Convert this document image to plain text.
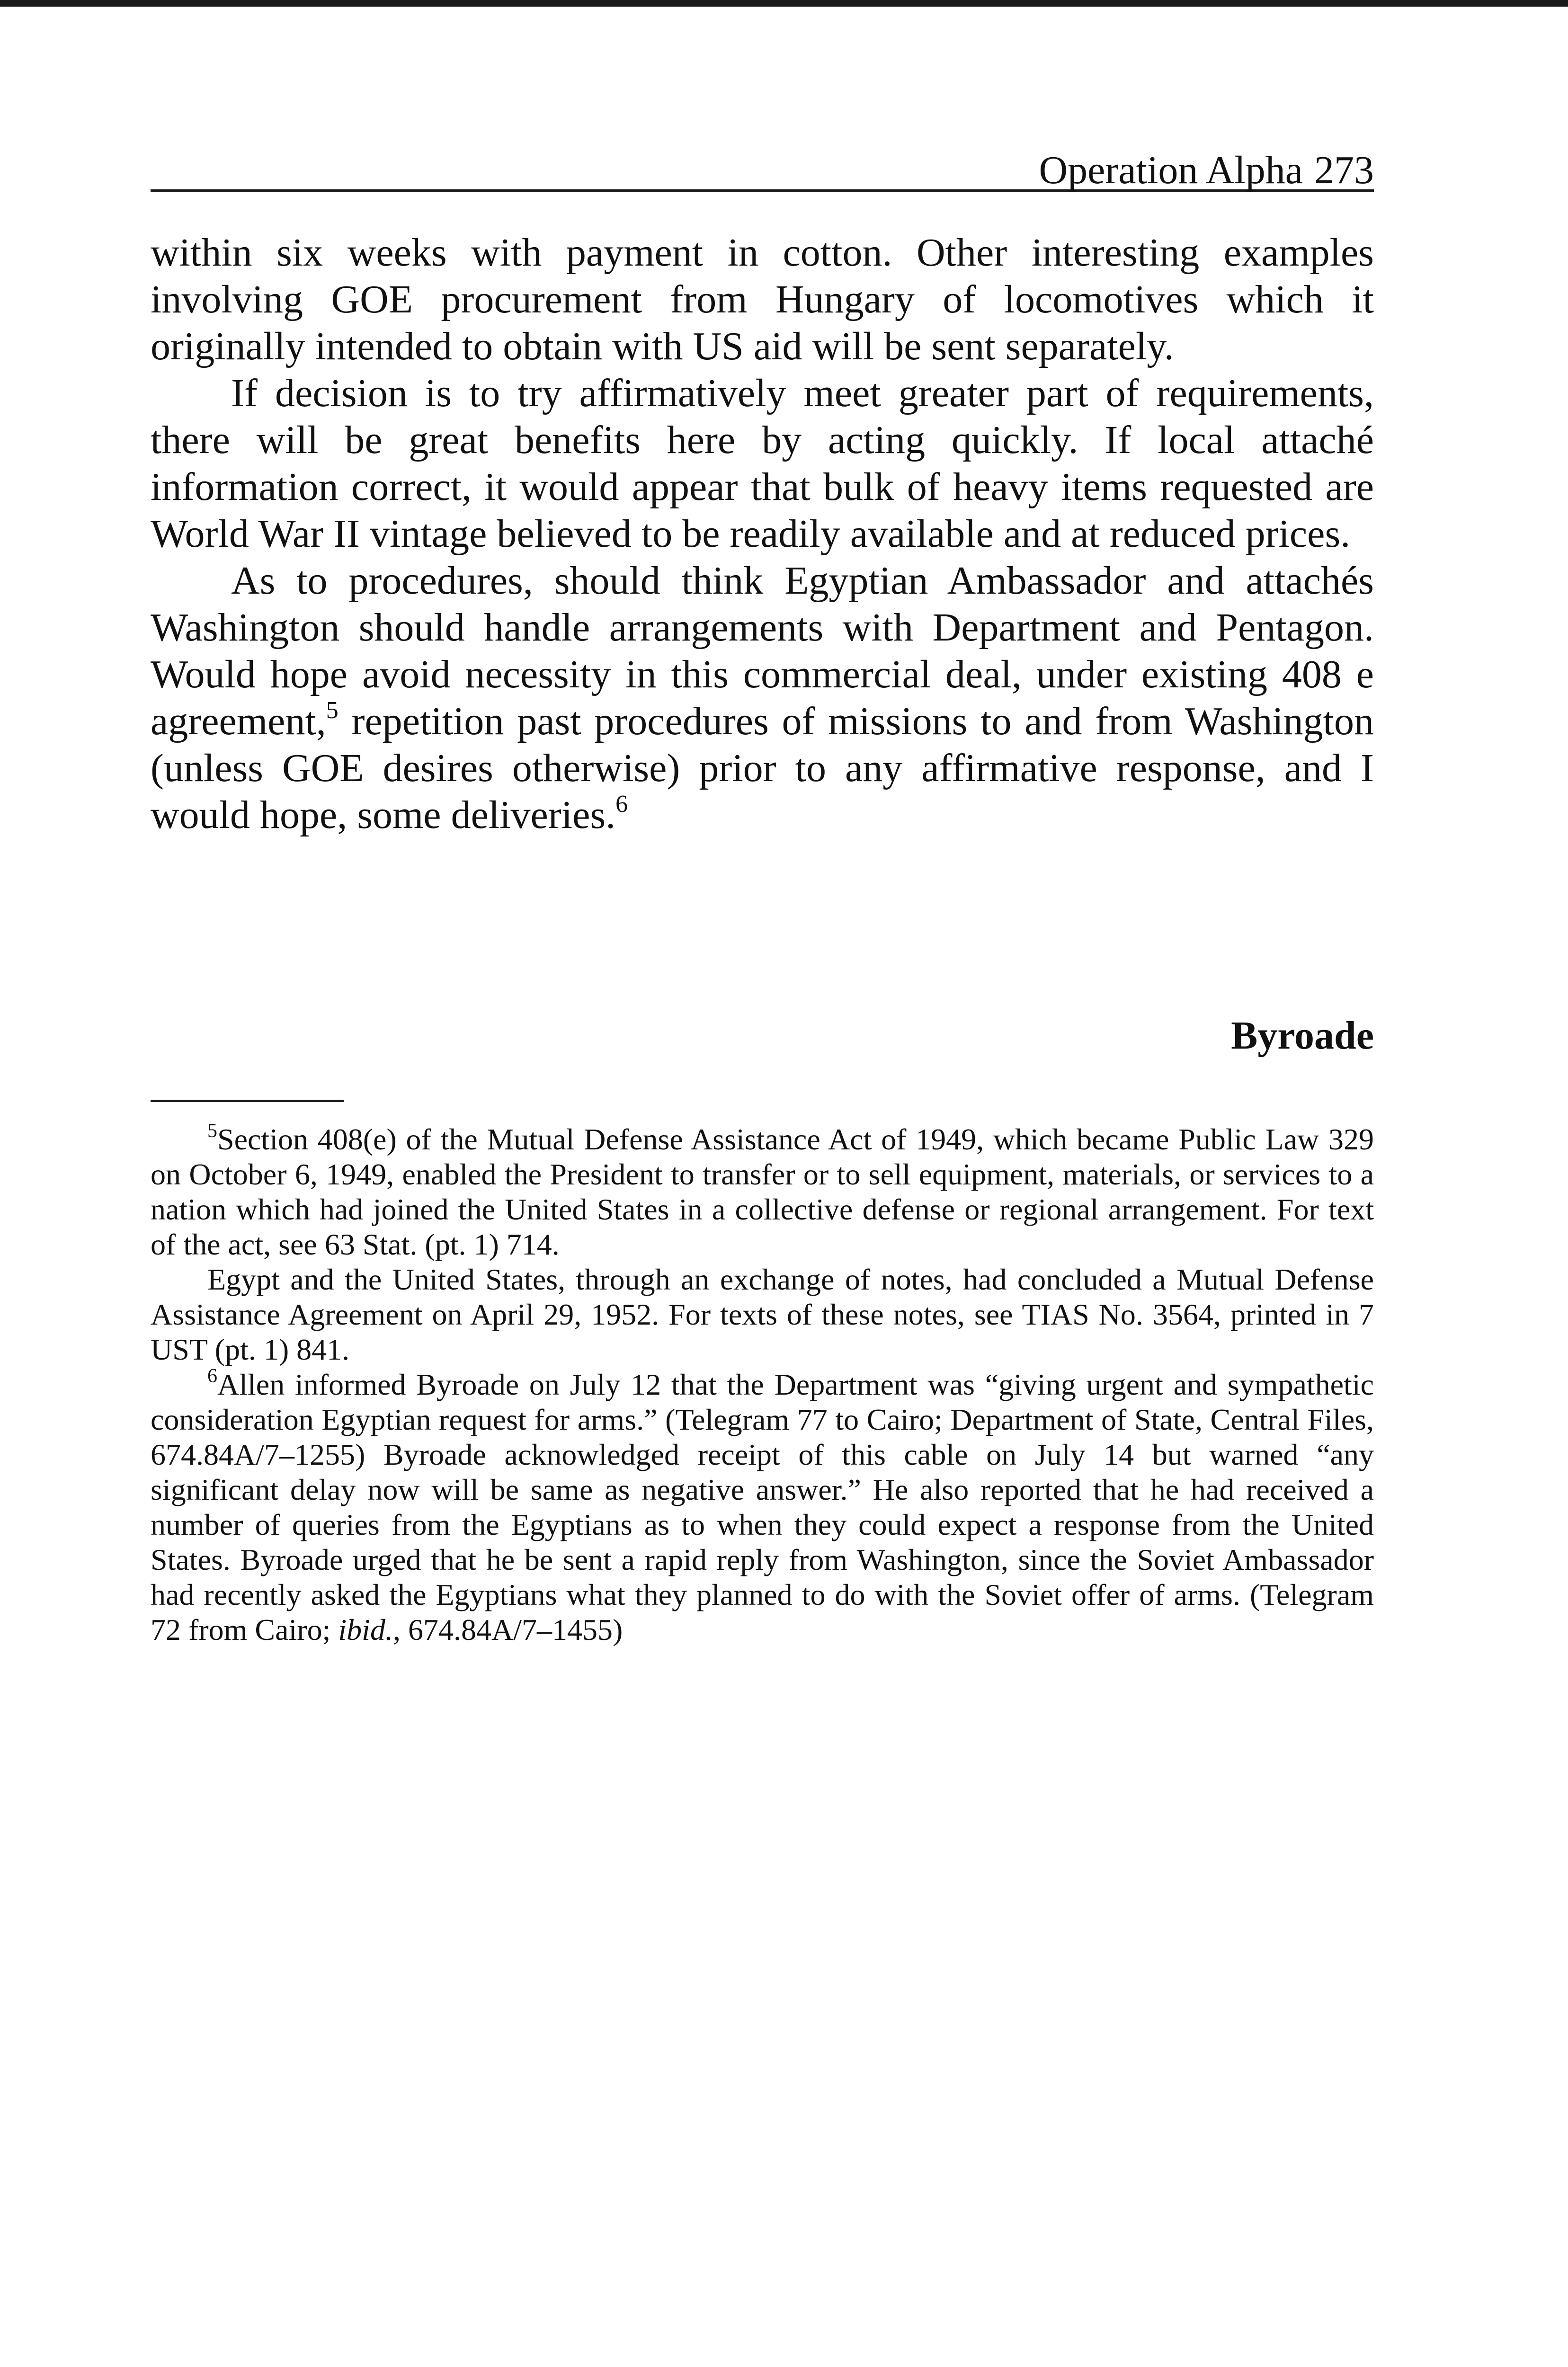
Operation Alpha 273

within six weeks with payment in cotton. Other interesting examples involving GOE procurement from Hungary of locomotives which it originally intended to obtain with US aid will be sent separately.

If decision is to try affirmatively meet greater part of requirements, there will be great benefits here by acting quickly. If local attaché information correct, it would appear that bulk of heavy items requested are World War II vintage believed to be readily available and at reduced prices.

As to procedures, should think Egyptian Ambassador and attachés Washington should handle arrangements with Department and Pentagon. Would hope avoid necessity in this commercial deal, under existing 408 e agreement,$^5$ repetition past procedures of missions to and from Washington (unless GOE desires otherwise) prior to any affirmative response, and I would hope, some deliveries.$^6$

Byroade

$^5$Section 408(e) of the Mutual Defense Assistance Act of 1949, which became Public Law 329 on October 6, 1949, enabled the President to transfer or to sell equipment, materials, or services to a nation which had joined the United States in a collective defense or regional arrangement. For text of the act, see 63 Stat. (pt. 1) 714.

Egypt and the United States, through an exchange of notes, had concluded a Mutual Defense Assistance Agreement on April 29, 1952. For texts of these notes, see TIAS No. 3564, printed in 7 UST (pt. 1) 841.

$^6$Allen informed Byroade on July 12 that the Department was “giving urgent and sympathetic consideration Egyptian request for arms.” (Telegram 77 to Cairo; Department of State, Central Files, 674.84A/7–1255) Byroade acknowledged receipt of this cable on July 14 but warned “any significant delay now will be same as negative answer.” He also reported that he had received a number of queries from the Egyptians as to when they could expect a response from the United States. Byroade urged that he be sent a rapid reply from Washington, since the Soviet Ambassador had recently asked the Egyptians what they planned to do with the Soviet offer of arms. (Telegram 72 from Cairo; ibid., 674.84A/7–1455)
